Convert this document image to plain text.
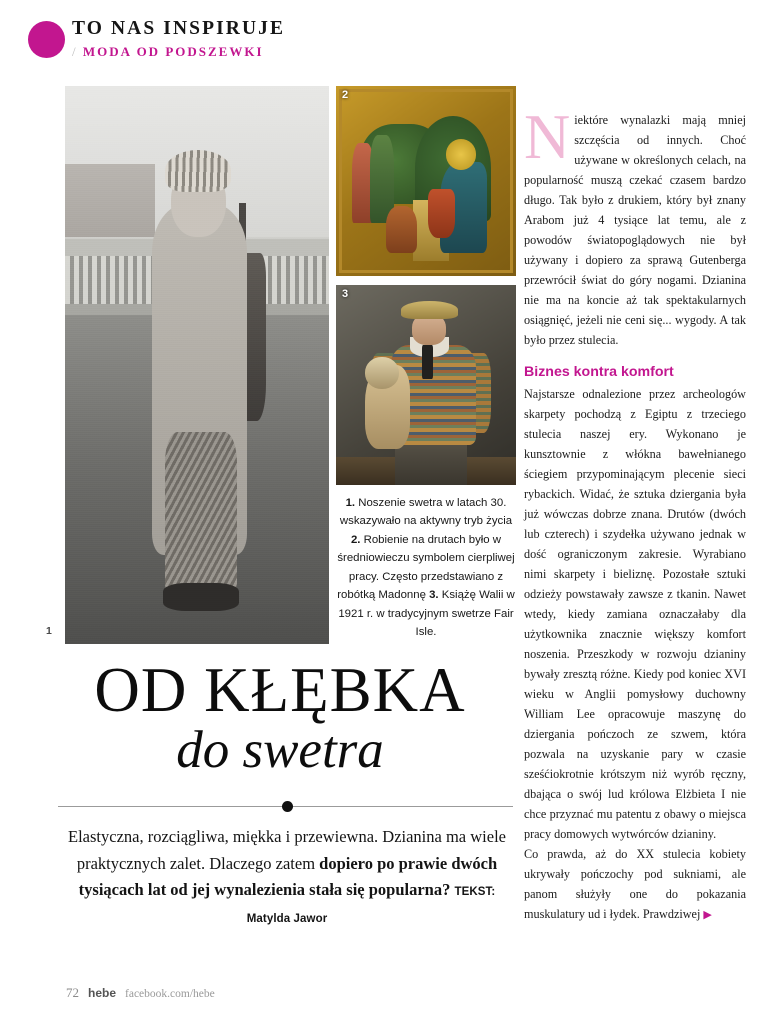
TO NAS INSPIRUJE
/ MODA OD PODSZEWKI
1
2
3
1. Noszenie swetra w latach 30. wskazywało na aktywny tryb życia 2. Robienie na drutach było w średniowieczu symbolem cierpliwej pracy. Często przedstawiano z robótką Madonnę 3. Książę Walii w 1921 r. w tradycyjnym swetrze Fair Isle.
OD KŁĘBKA
do swetra
Elastyczna, rozciągliwa, miękka i przewiewna. Dzianina ma wiele praktycznych zalet. Dlaczego zatem dopiero po prawie dwóch tysiącach lat od jej wynalezienia stała się popularna? TEKST: Matylda Jawor
N iektóre wynalazki mają mniej szczęścia od innych. Choć używane w określonych celach, na popularność muszą czekać czasem bardzo długo. Tak było z drukiem, który był znany Arabom już 4 tysiące lat temu, ale z powodów światopoglądowych nie był używany i dopiero za sprawą Gutenberga przewrócił świat do góry nogami. Dzianina nie ma na koncie aż tak spektakularnych osiągnięć, jeżeli nie ceni się... wygody. A tak było przez stulecia.

Biznes kontra komfort

Najstarsze odnalezione przez archeologów skarpety pochodzą z Egiptu z trzeciego stulecia naszej ery. Wykonano je kunsztownie z włókna bawełnianego ściegiem przypominającym plecenie sieci rybackich. Widać, że sztuka dziergania była już wówczas dobrze znana. Drutów (dwóch lub czterech) i szydełka używano jednak w dość ograniczonym zakresie. Wyrabiano nimi skarpety i bieliznę. Pozostałe sztuki odzieży powstawały zawsze z tkanin. Nawet wtedy, kiedy zamiana oznaczałaby dla użytkownika znacznie większy komfort noszenia. Przeszkody w rozwoju dzianiny bywały zresztą różne. Kiedy pod koniec XVI wieku w Anglii pomysłowy duchowny William Lee opracowuje maszynę do dziergania pończoch ze szwem, która pozwala na uzyskanie pary w czasie sześćiokrotnie krótszym niż wyrób ręczny, dbająca o swój lud królowa Elżbieta I nie chce przyznać mu patentu z obawy o miejsca pracy domowych wytwórców dzianiny.

Co prawda, aż do XX stulecia kobiety ukrywały pończochy pod sukniami, ale panom służyły one do pokazania muskulatury ud i łydek. Prawdziwej ▶

72 hebe facebook.com/hebe
